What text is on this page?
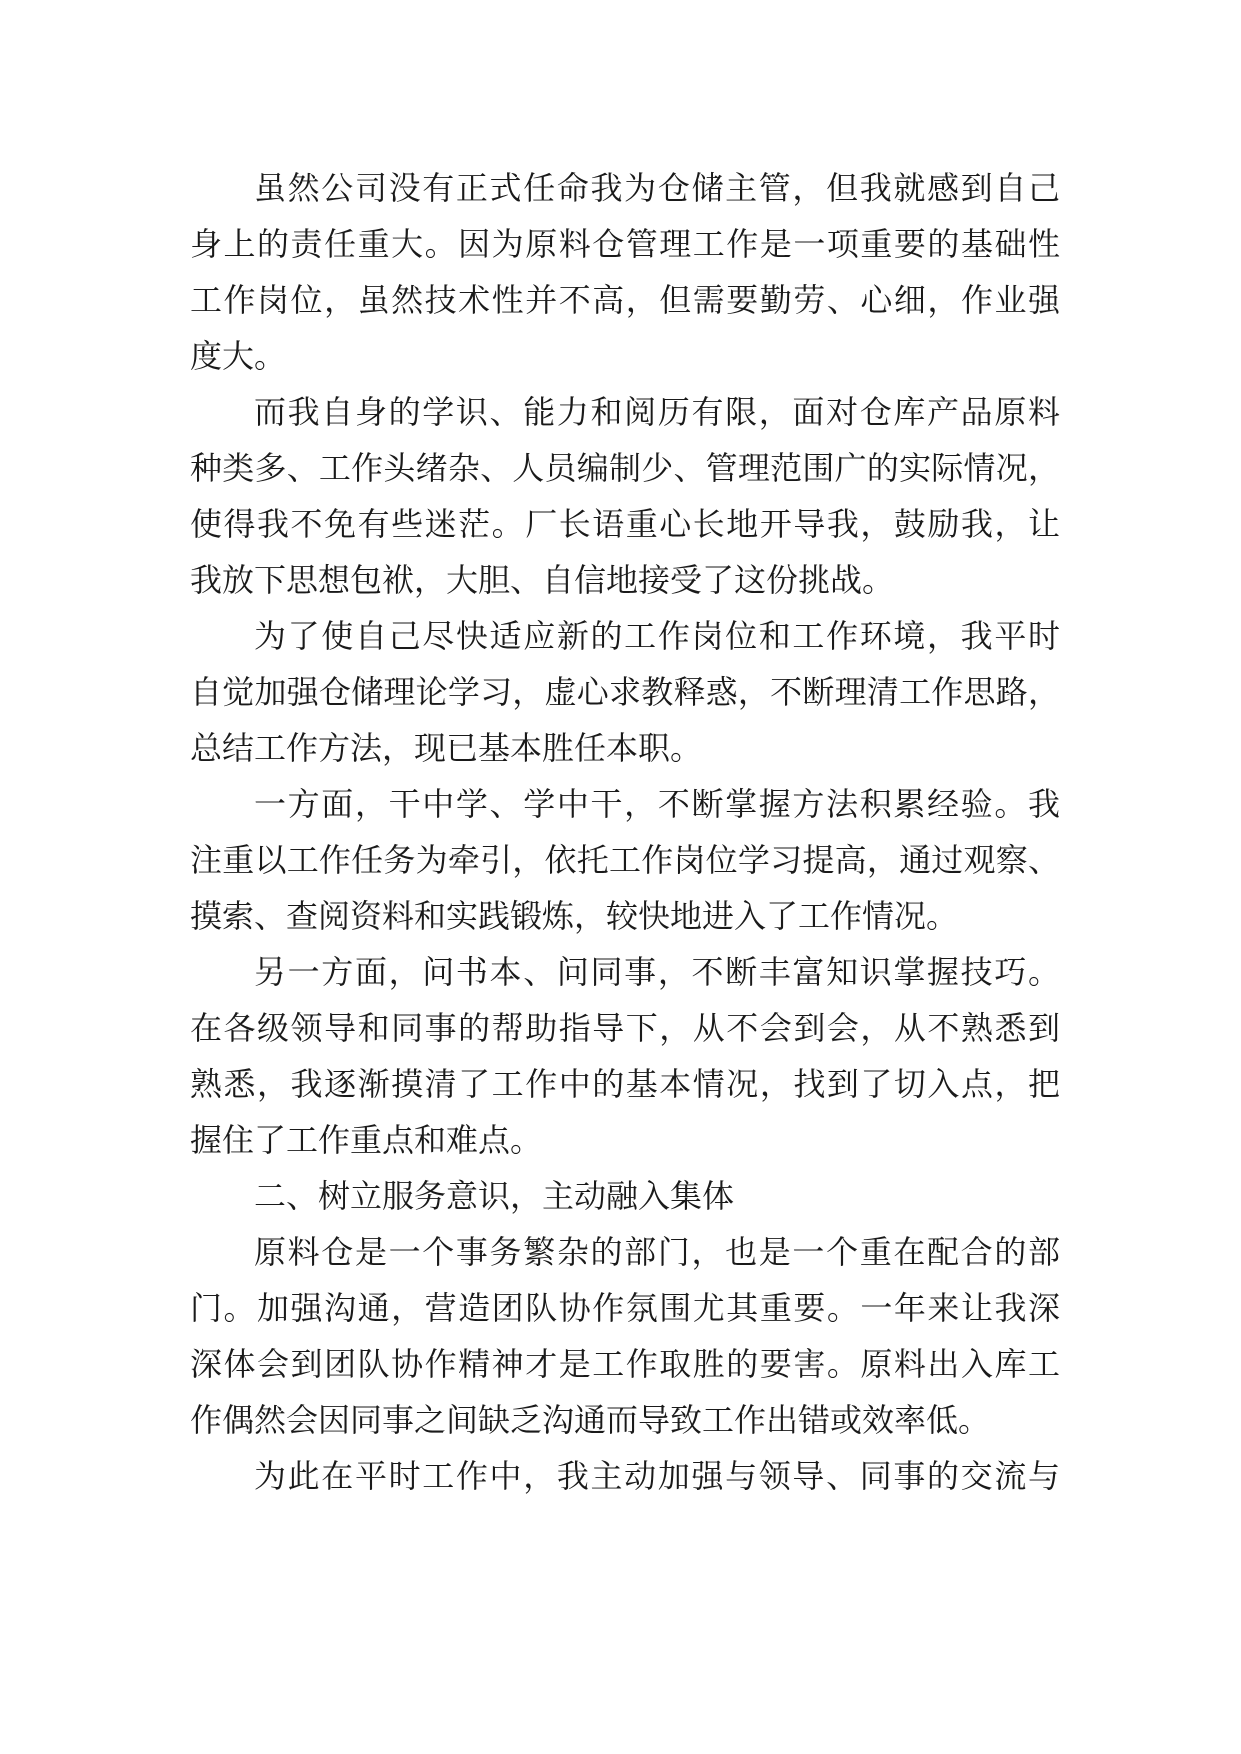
虽然公司没有正式任命我为仓储主管，但我就感到自己
身上的责任重大。因为原料仓管理工作是一项重要的基础性
工作岗位，虽然技术性并不高，但需要勤劳、心细，作业强
度大。
而我自身的学识、能力和阅历有限，面对仓库产品原料
种类多、工作头绪杂、人员编制少、管理范围广的实际情况，
使得我不免有些迷茫。厂长语重心长地开导我，鼓励我，让
我放下思想包袱，大胆、自信地接受了这份挑战。
为了使自己尽快适应新的工作岗位和工作环境，我平时
自觉加强仓储理论学习，虚心求教释惑，不断理清工作思路，
总结工作方法，现已基本胜任本职。
一方面，干中学、学中干，不断掌握方法积累经验。我
注重以工作任务为牵引，依托工作岗位学习提高，通过观察、
摸索、查阅资料和实践锻炼，较快地进入了工作情况。
另一方面，问书本、问同事，不断丰富知识掌握技巧。
在各级领导和同事的帮助指导下，从不会到会，从不熟悉到
熟悉，我逐渐摸清了工作中的基本情况，找到了切入点，把
握住了工作重点和难点。
二、树立服务意识，主动融入集体
原料仓是一个事务繁杂的部门，也是一个重在配合的部
门。加强沟通，营造团队协作氛围尤其重要。一年来让我深
深体会到团队协作精神才是工作取胜的要害。原料出入库工
作偶然会因同事之间缺乏沟通而导致工作出错或效率低。
为此在平时工作中，我主动加强与领导、同事的交流与
